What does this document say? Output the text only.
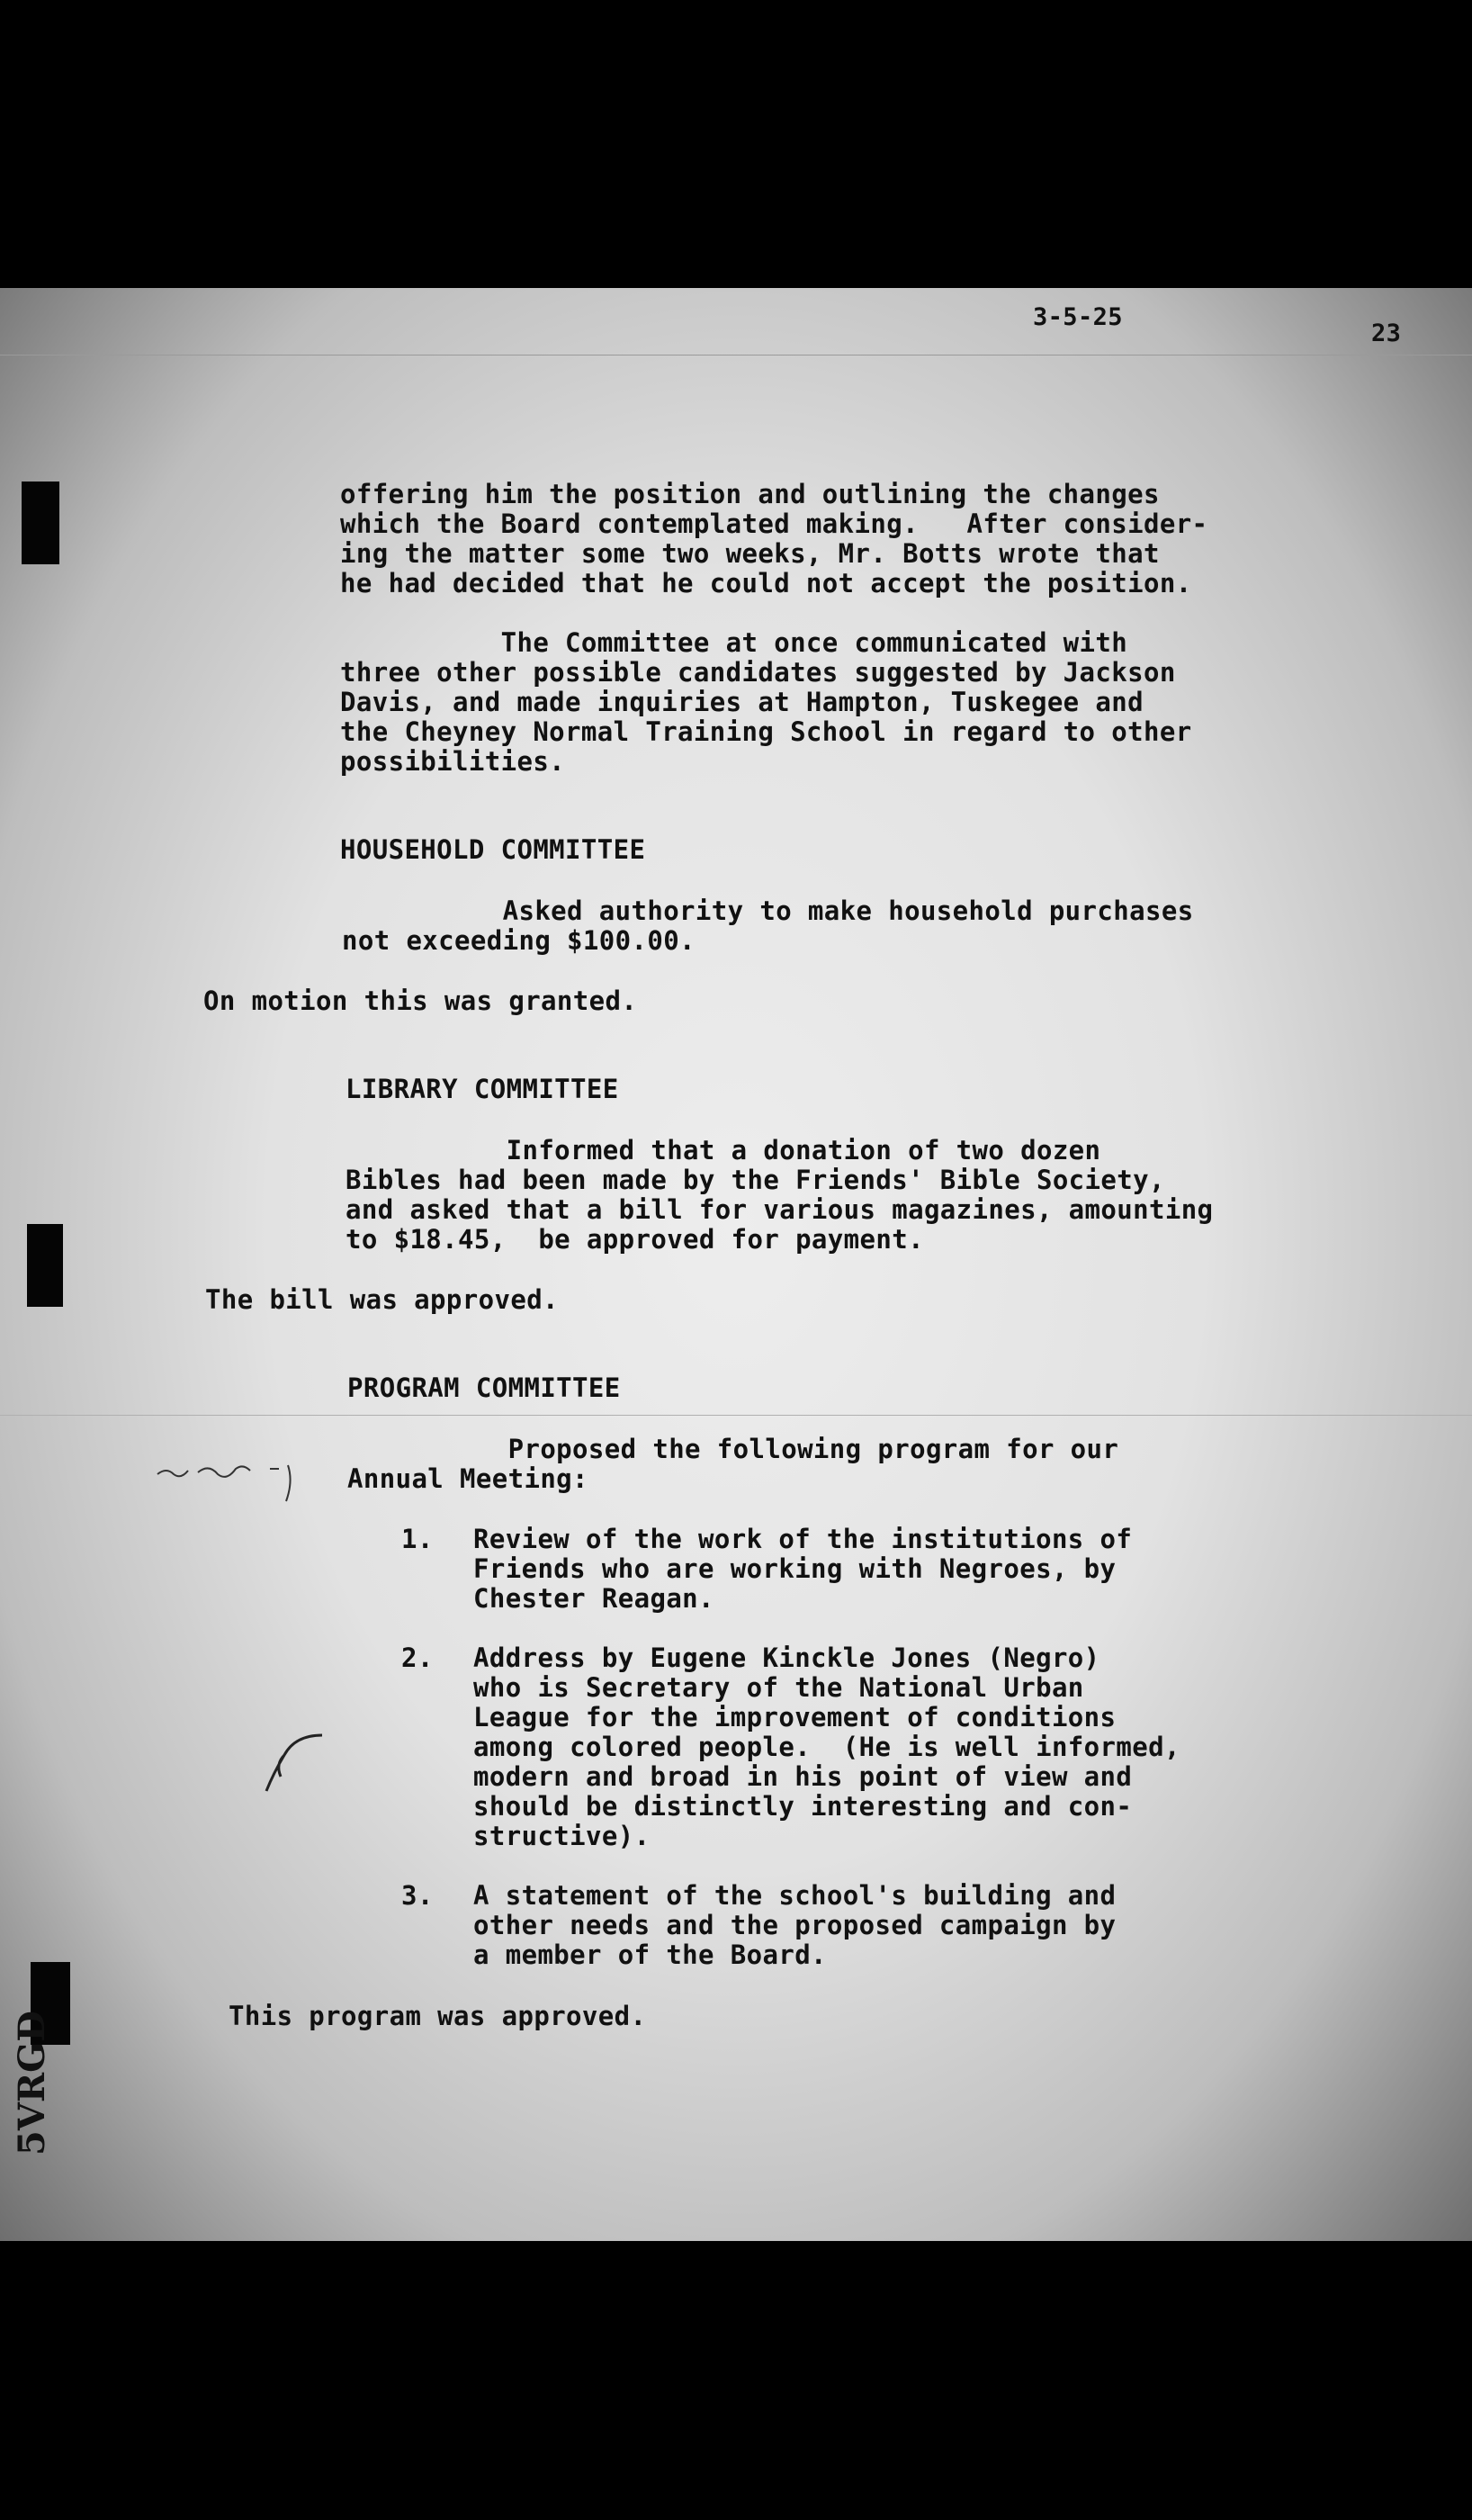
3-5-25
23
offering him the position and outlining the changes
which the Board contemplated making.   After consider-
ing the matter some two weeks, Mr. Botts wrote that
he had decided that he could not accept the position.
The Committee at once communicated with
three other possible candidates suggested by Jackson
Davis, and made inquiries at Hampton, Tuskegee and
the Cheyney Normal Training School in regard to other
possibilities.
HOUSEHOLD COMMITTEE
Asked authority to make household purchases
not exceeding $100.00.
On motion this was granted.
LIBRARY COMMITTEE
Informed that a donation of two dozen
Bibles had been made by the Friends' Bible Society,
and asked that a bill for various magazines, amounting
to $18.45,  be approved for payment.
The bill was approved.
PROGRAM COMMITTEE
Proposed the following program for our
Annual Meeting:
1. Review of the work of the institutions of
Friends who are working with Negroes, by
Chester Reagan.
2. Address by Eugene Kinckle Jones (Negro)
who is Secretary of the National Urban
League for the improvement of conditions
among colored people.  (He is well informed,
modern and broad in his point of view and
should be distinctly interesting and con-
structive).
3. A statement of the school's building and
other needs and the proposed campaign by
a member of the Board.
This program was approved.
5VRGD
